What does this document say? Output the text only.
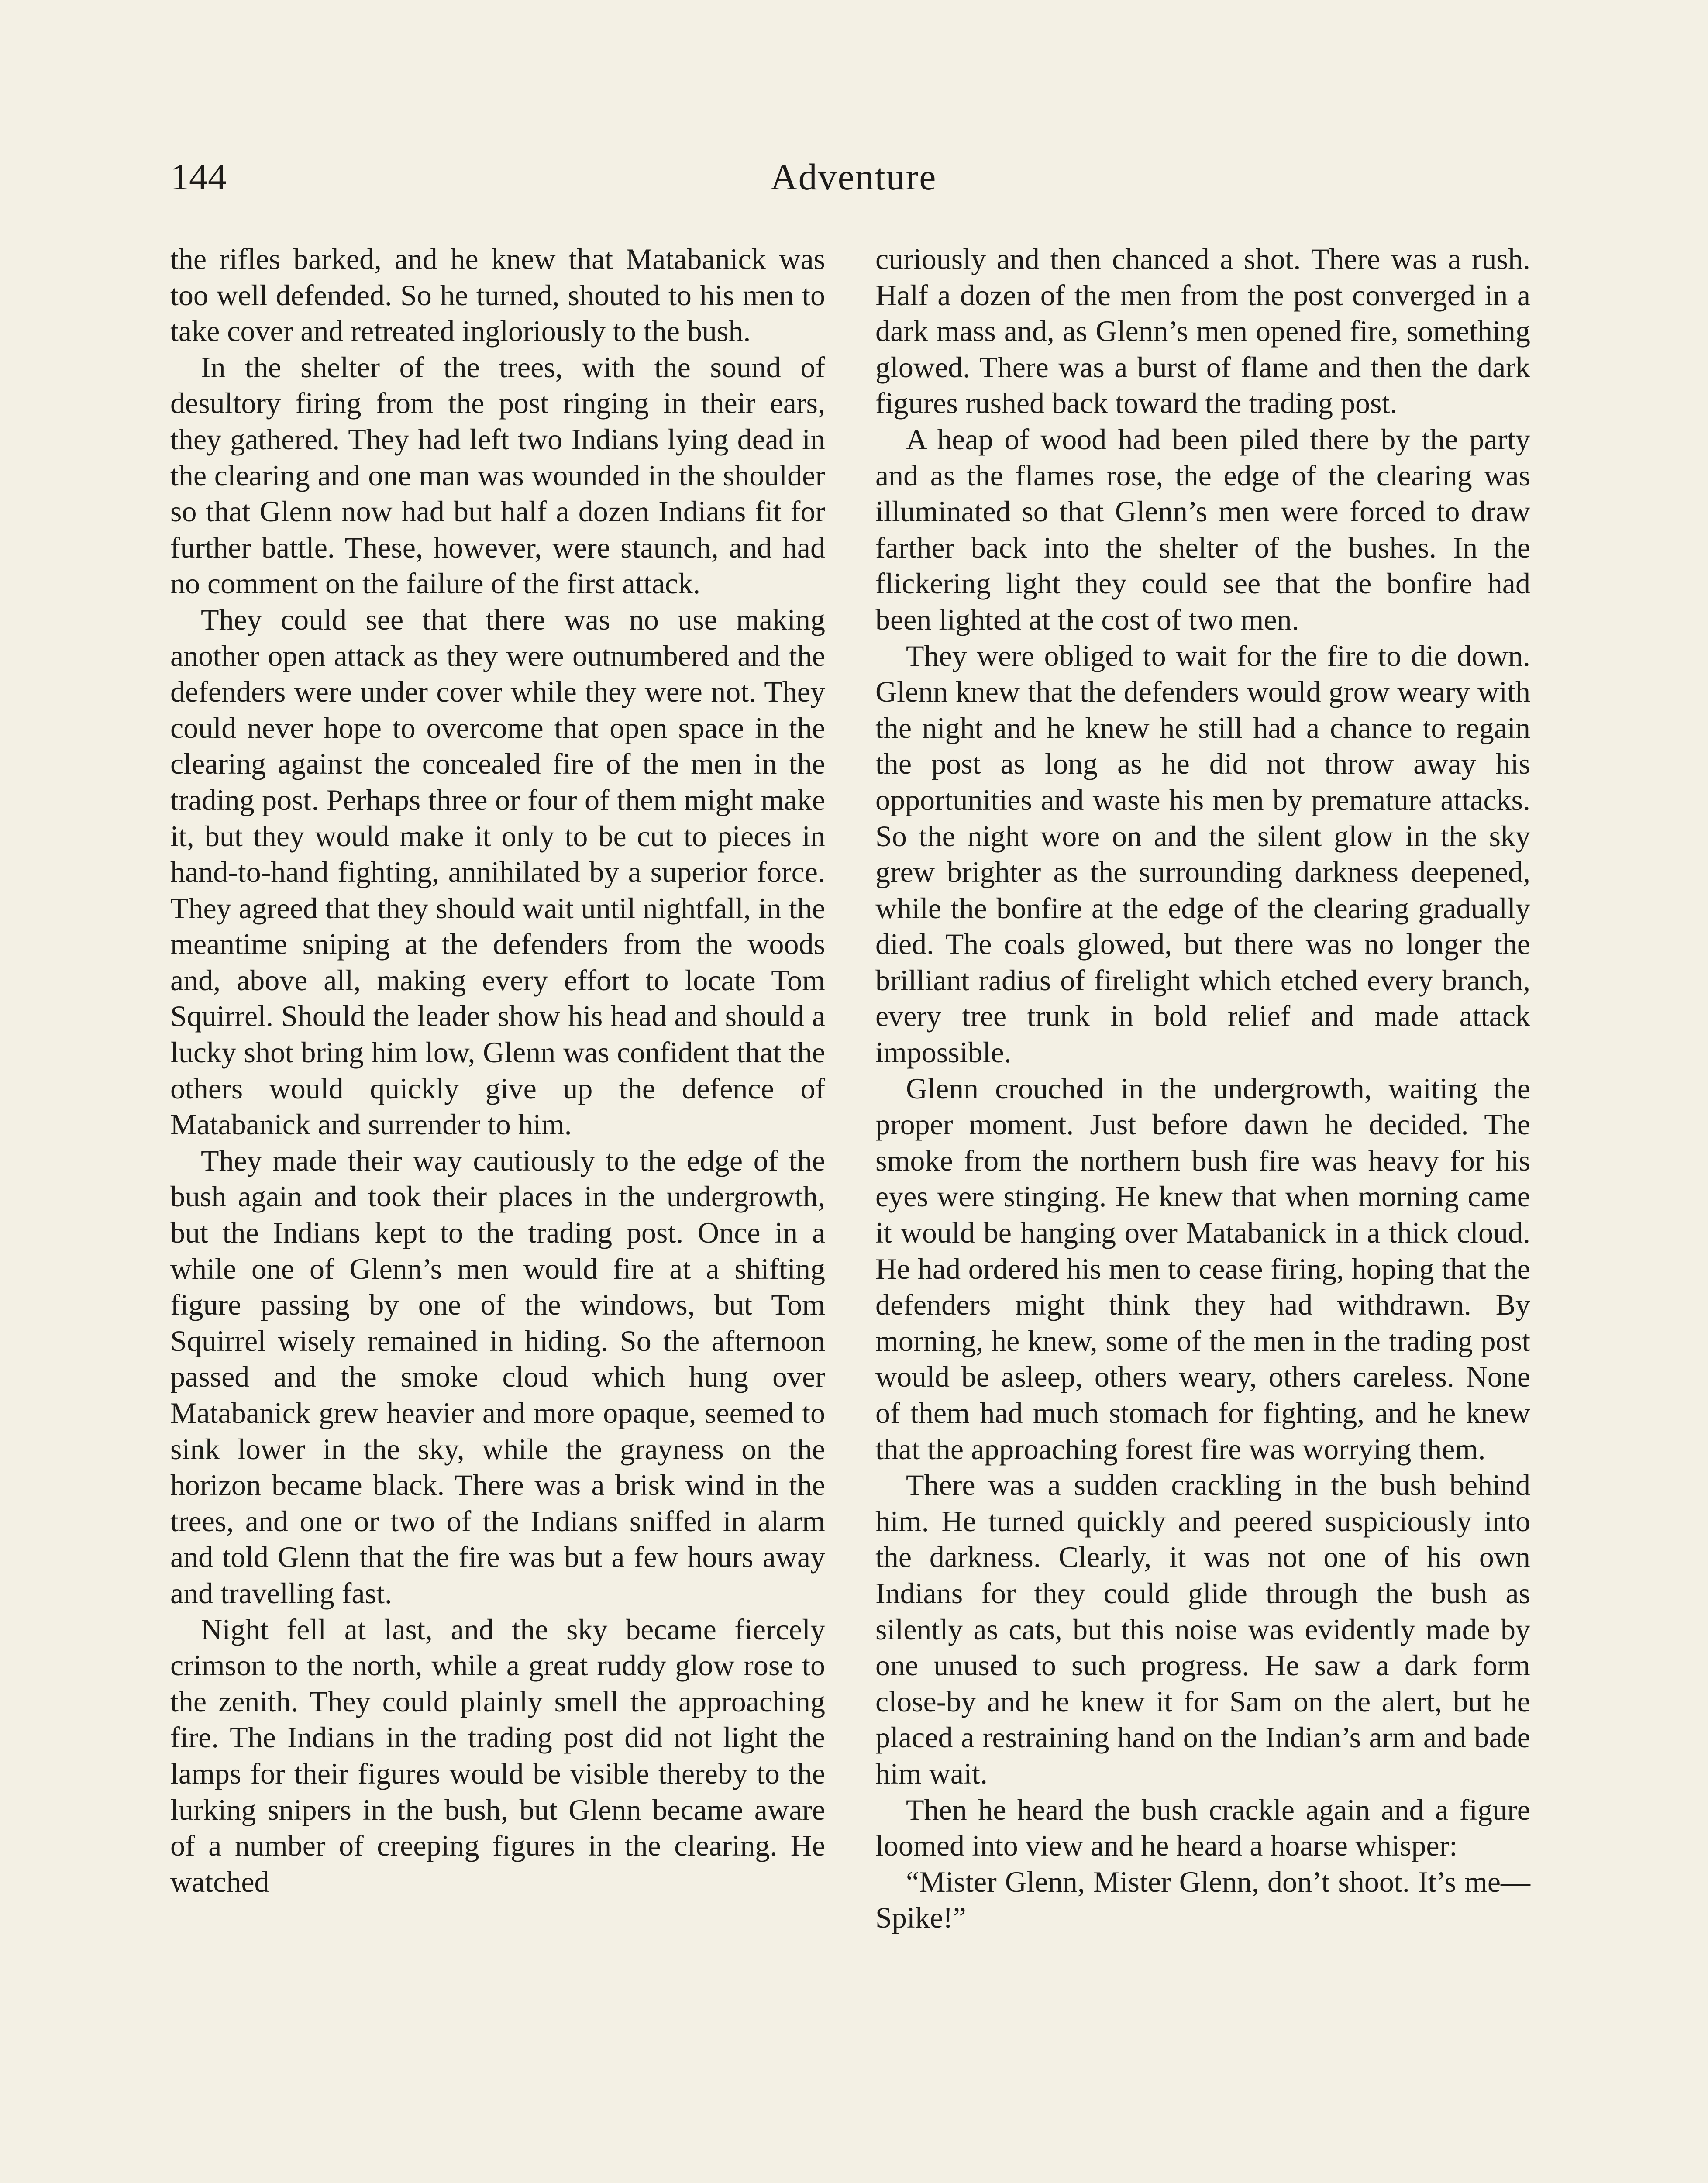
144	Adventure

the rifles barked, and he knew that Matabanick was too well defended. So he turned, shouted to his men to take cover and retreated ingloriously to the bush.

In the shelter of the trees, with the sound of desultory firing from the post ringing in their ears, they gathered. They had left two Indians lying dead in the clearing and one man was wounded in the shoulder so that Glenn now had but half a dozen Indians fit for further battle. These, however, were staunch, and had no comment on the failure of the first attack.

They could see that there was no use making another open attack as they were outnumbered and the defenders were under cover while they were not. They could never hope to overcome that open space in the clearing against the concealed fire of the men in the trading post. Perhaps three or four of them might make it, but they would make it only to be cut to pieces in hand-to-hand fighting, annihilated by a superior force. They agreed that they should wait until nightfall, in the meantime sniping at the defenders from the woods and, above all, making every effort to locate Tom Squirrel. Should the leader show his head and should a lucky shot bring him low, Glenn was confident that the others would quickly give up the defence of Matabanick and surrender to him.

They made their way cautiously to the edge of the bush again and took their places in the undergrowth, but the Indians kept to the trading post. Once in a while one of Glenn’s men would fire at a shifting figure passing by one of the windows, but Tom Squirrel wisely remained in hiding. So the afternoon passed and the smoke cloud which hung over Matabanick grew heavier and more opaque, seemed to sink lower in the sky, while the grayness on the horizon became black. There was a brisk wind in the trees, and one or two of the Indians sniffed in alarm and told Glenn that the fire was but a few hours away and travelling fast.

Night fell at last, and the sky became fiercely crimson to the north, while a great ruddy glow rose to the zenith. They could plainly smell the approaching fire. The Indians in the trading post did not light the lamps for their figures would be visible thereby to the lurking snipers in the bush, but Glenn became aware of a number of creeping figures in the clearing. He watched

curiously and then chanced a shot. There was a rush. Half a dozen of the men from the post converged in a dark mass and, as Glenn’s men opened fire, something glowed. There was a burst of flame and then the dark figures rushed back toward the trading post.

A heap of wood had been piled there by the party and as the flames rose, the edge of the clearing was illuminated so that Glenn’s men were forced to draw farther back into the shelter of the bushes. In the flickering light they could see that the bonfire had been lighted at the cost of two men.

They were obliged to wait for the fire to die down. Glenn knew that the defenders would grow weary with the night and he knew he still had a chance to regain the post as long as he did not throw away his opportunities and waste his men by premature attacks. So the night wore on and the silent glow in the sky grew brighter as the surrounding darkness deepened, while the bonfire at the edge of the clearing gradually died. The coals glowed, but there was no longer the brilliant radius of firelight which etched every branch, every tree trunk in bold relief and made attack impossible.

Glenn crouched in the undergrowth, waiting the proper moment. Just before dawn he decided. The smoke from the northern bush fire was heavy for his eyes were stinging. He knew that when morning came it would be hanging over Matabanick in a thick cloud. He had ordered his men to cease firing, hoping that the defenders might think they had withdrawn. By morning, he knew, some of the men in the trading post would be asleep, others weary, others careless. None of them had much stomach for fighting, and he knew that the approaching forest fire was worrying them.

There was a sudden crackling in the bush behind him. He turned quickly and peered suspiciously into the darkness. Clearly, it was not one of his own Indians for they could glide through the bush as silently as cats, but this noise was evidently made by one unused to such progress. He saw a dark form close-by and he knew it for Sam on the alert, but he placed a restraining hand on the Indian’s arm and bade him wait.

Then he heard the bush crackle again and a figure loomed into view and he heard a hoarse whisper:

“Mister Glenn, Mister Glenn, don’t shoot. It’s me—Spike!”
